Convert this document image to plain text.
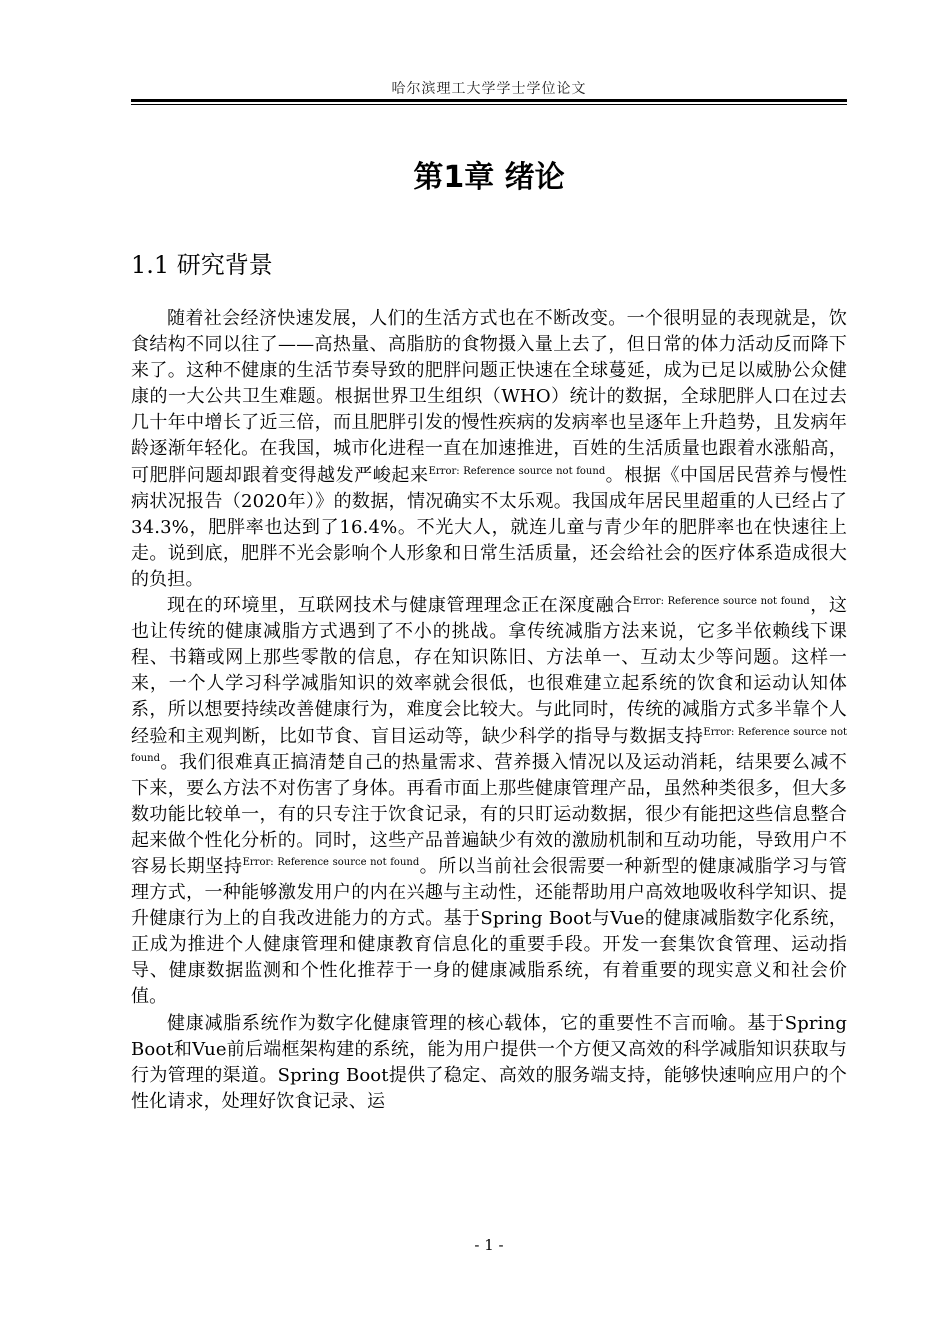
哈尔滨理工大学学士学位论文
第1章 绪论
1.1 研究背景

随着社会经济快速发展，人们的生活方式也在不断改变。一个很明显的表现就是，饮食结构不同以往了——高热量、高脂肪的食物摄入量上去了，但日常的体力活动反而降下来了。这种不健康的生活节奏导致的肥胖问题正快速在全球蔓延，成为已足以威胁公众健康的一大公共卫生难题。根据世界卫生组织（WHO）统计的数据，全球肥胖人口在过去几十年中增长了近三倍，而且肥胖引发的慢性疾病的发病率也呈逐年上升趋势，且发病年龄逐渐年轻化。在我国，城市化进程一直在加速推进，百姓的生活质量也跟着水涨船高，可肥胖问题却跟着变得越发严峻起来$^{Error: Reference source not found}$。根据《中国居民营养与慢性病状况报告（2020年）》的数据，情况确实不太乐观。我国成年居民里超重的人已经占了34.3%，肥胖率也达到了16.4%。不光大人，就连儿童与青少年的肥胖率也在快速往上走。说到底，肥胖不光会影响个人形象和日常生活质量，还会给社会的医疗体系造成很大的负担。

现在的环境里，互联网技术与健康管理理念正在深度融合$^{Error: Reference source not found}$，这也让传统的健康减脂方式遇到了不小的挑战。拿传统减脂方法来说，它多半依赖线下课程、书籍或网上那些零散的信息，存在知识陈旧、方法单一、互动太少等问题。这样一来，一个人学习科学减脂知识的效率就会很低，也很难建立起系统的饮食和运动认知体系，所以想要持续改善健康行为，难度会比较大。与此同时，传统的减脂方式多半靠个人经验和主观判断，比如节食、盲目运动等，缺少科学的指导与数据支持$^{Error: Reference source not found}$。我们很难真正搞清楚自己的热量需求、营养摄入情况以及运动消耗，结果要么减不下来，要么方法不对伤害了身体。再看市面上那些健康管理产品，虽然种类很多，但大多数功能比较单一，有的只专注于饮食记录，有的只盯运动数据，很少有能把这些信息整合起来做个性化分析的。同时，这些产品普遍缺少有效的激励机制和互动功能，导致用户不容易长期坚持$^{Error: Reference source not found}$。所以当前社会很需要一种新型的健康减脂学习与管理方式，一种能够激发用户的内在兴趣与主动性，还能帮助用户高效地吸收科学知识、提升健康行为上的自我改进能力的方式。基于Spring Boot与Vue的健康减脂数字化系统，正成为推进个人健康管理和健康教育信息化的重要手段。开发一套集饮食管理、运动指导、健康数据监测和个性化推荐于一身的健康减脂系统，有着重要的现实意义和社会价值。

健康减脂系统作为数字化健康管理的核心载体，它的重要性不言而喻。基于Spring Boot和Vue前后端框架构建的系统，能为用户提供一个方便又高效的科学减脂知识获取与行为管理的渠道。Spring Boot提供了稳定、高效的服务端支持，能够快速响应用户的个性化请求，处理好饮食记录、运

- 1 -
